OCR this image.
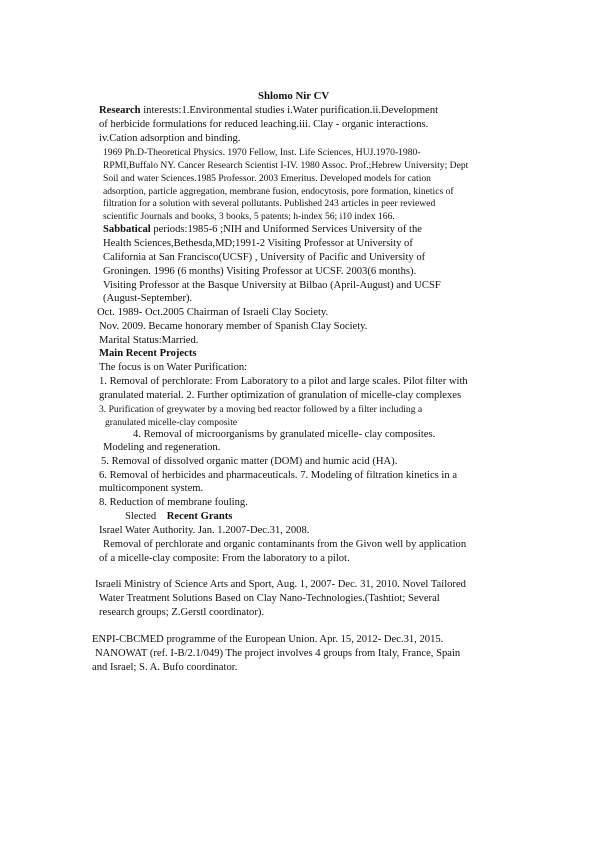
Shlomo Nir CV
Research interests:1.Environmental studies i.Water purification.ii.Development
of herbicide formulations for reduced leaching.iii. Clay - organic interactions.
iv.Cation adsorption and binding.
1969 Ph.D-Theoretical Physics. 1970 Fellow, Inst. Life Sciences, HUJ.1970-1980-
RPMI,Buffalo NY. Cancer Research Scientist I-IV. 1980 Assoc. Prof.;Hebrew University; Dept
Soil and water Sciences.1985 Professor. 2003 Emeritus. Developed models for cation
adsorption, particle aggregation, membrane fusion, endocytosis, pore formation, kinetics of
filtration for a solution with several pollutants. Published 243 articles in peer reviewed
scientific Journals and books, 3 books, 5 patents; h-index 56; i10 index 166.
Sabbatical periods:1985-6 ;NIH and Uniformed Services University of the
Health Sciences,Bethesda,MD;1991-2 Visiting Professor at University of
California at San Francisco(UCSF) , University of Pacific and University of
Groningen. 1996 (6 months) Visiting Professor at UCSF. 2003(6 months).
Visiting Professor at the Basque University at Bilbao (April-August) and UCSF
(August-September).
Oct. 1989- Oct.2005 Chairman of Israeli Clay Society.
Nov. 2009. Became honorary member of Spanish Clay Society.
Marital Status:Married.
Main Recent Projects
The focus is on Water Purification:
1. Removal of perchlorate: From Laboratory to a pilot and large scales. Pilot filter with
granulated material. 2. Further optimization of granulation of micelle-clay complexes
3. Purification of greywater by a moving bed reactor followed by a filter including a
granulated micelle-clay composite
4. Removal of microorganisms by granulated micelle- clay composites.
Modeling and regeneration.
5. Removal of dissolved organic matter (DOM) and humic acid (HA).
6. Removal of herbicides and pharmaceuticals. 7. Modeling of filtration kinetics in a
multicomponent system.
8. Reduction of membrane fouling.
Slected Recent Grants
Israel Water Authority. Jan. 1.2007-Dec.31, 2008.
Removal of perchlorate and organic contaminants from the Givon well by application
of a micelle-clay composite: From the laboratory to a pilot.
Israeli Ministry of Science Arts and Sport, Aug. 1, 2007- Dec. 31, 2010. Novel Tailored
Water Treatment Solutions Based on Clay Nano-Technologies.(Tashtiot; Several
research groups; Z.Gerstl coordinator).
ENPI-CBCMED programme of the European Union. Apr. 15, 2012- Dec.31, 2015.
NANOWAT (ref. I-B/2.1/049) The project involves 4 groups from Italy, France, Spain
and Israel; S. A. Bufo coordinator.
